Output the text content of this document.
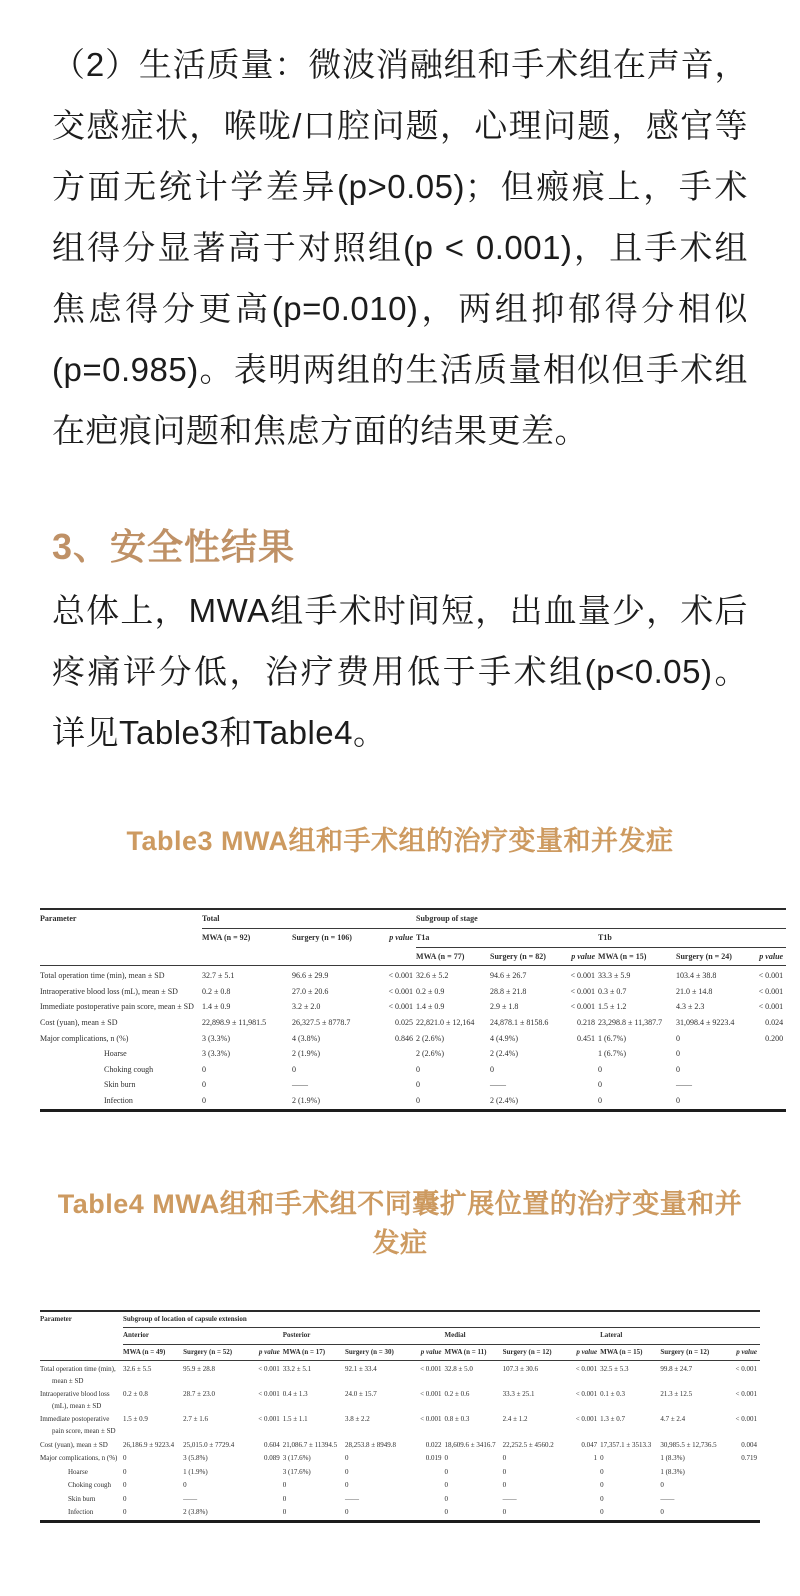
（2）生活质量：微波消融组和手术组在声音，交感症状，喉咙/口腔问题，心理问题，感官等方面无统计学差异(p>0.05)；但瘢痕上，手术组得分显著高于对照组(p < 0.001)，且手术组焦虑得分更高(p=0.010)，两组抑郁得分相似(p=0.985)。表明两组的生活质量相似但手术组在疤痕问题和焦虑方面的结果更差。

3、安全性结果

总体上，MWA组手术时间短，出血量少，术后疼痛评分低，治疗费用低于手术组(p<0.05)。详见Table3和Table4。

Table3 MWA组和手术组的治疗变量和并发症
Parameter	Total			Subgroup of stage					
	MWA (n = 92)	Surgery (n = 106)	p value	T1a			T1b		
				MWA (n = 77)	Surgery (n = 82)	p value	MWA (n = 15)	Surgery (n = 24)	p value
Total operation time (min), mean ± SD	32.7 ± 5.1	96.6 ± 29.9	< 0.001	32.6 ± 5.2	94.6 ± 26.7	< 0.001	33.3 ± 5.9	103.4 ± 38.8	< 0.001
Intraoperative blood loss (mL), mean ± SD	0.2 ± 0.8	27.0 ± 20.6	< 0.001	0.2 ± 0.9	28.8 ± 21.8	< 0.001	0.3 ± 0.7	21.0 ± 14.8	< 0.001
Immediate postoperative pain score, mean ± SD	1.4 ± 0.9	3.2 ± 2.0	< 0.001	1.4 ± 0.9	2.9 ± 1.8	< 0.001	1.5 ± 1.2	4.3 ± 2.3	< 0.001
Cost (yuan), mean ± SD	22,898.9 ± 11,981.5	26,327.5 ± 8778.7	0.025	22,821.0 ± 12,164	24,878.1 ± 8158.6	0.218	23,298.8 ± 11,387.7	31,098.4 ± 9223.4	0.024
Major complications, n (%)	3 (3.3%)	4 (3.8%)	0.846	2 (2.6%)	4 (4.9%)	0.451	1 (6.7%)	0	0.200
Hoarse	3 (3.3%)	2 (1.9%)		2 (2.6%)	2 (2.4%)		1 (6.7%)	0	
Choking cough	0	0		0	0		0	0	
Skin burn	0	——		0	——		0	——	
Infection	0	2 (1.9%)		0	2 (2.4%)		0	0	
Table4 MWA组和手术组不同囊扩展位置的治疗变量和并发症
Parameter	Subgroup of location of capsule extension											
	Anterior			Posterior			Medial			Lateral		
	MWA (n = 49)	Surgery (n = 52)	p value	MWA (n = 17)	Surgery (n = 30)	p value	MWA (n = 11)	Surgery (n = 12)	p value	MWA (n = 15)	Surgery (n = 12)	p value
Total operation time (min), mean ± SD	32.6 ± 5.5	95.9 ± 28.8	< 0.001	33.2 ± 5.1	92.1 ± 33.4	< 0.001	32.8 ± 5.0	107.3 ± 30.6	< 0.001	32.5 ± 5.3	99.8 ± 24.7	< 0.001
Intraoperative blood loss (mL), mean ± SD	0.2 ± 0.8	28.7 ± 23.0	< 0.001	0.4 ± 1.3	24.0 ± 15.7	< 0.001	0.2 ± 0.6	33.3 ± 25.1	< 0.001	0.1 ± 0.3	21.3 ± 12.5	< 0.001
Immediate postoperative pain score, mean ± SD	1.5 ± 0.9	2.7 ± 1.6	< 0.001	1.5 ± 1.1	3.8 ± 2.2	< 0.001	0.8 ± 0.3	2.4 ± 1.2	< 0.001	1.3 ± 0.7	4.7 ± 2.4	< 0.001
Cost (yuan), mean ± SD	26,186.9 ± 9223.4	25,015.0 ± 7729.4	0.604	21,086.7 ± 11394.5	28,253.8 ± 8949.8	0.022	18,609.6 ± 3416.7	22,252.5 ± 4560.2	0.047	17,357.1 ± 3513.3	30,985.5 ± 12,736.5	0.004
Major complications, n (%)	0	3 (5.8%)	0.089	3 (17.6%)	0	0.019	0	0	1	0	1 (8.3%)	0.719
Hoarse	0	1 (1.9%)		3 (17.6%)	0		0	0		0	1 (8.3%)	
Choking cough	0	0		0	0		0	0		0	0	
Skin burn	0	——		0	——		0	——		0	——	
Infection	0	2 (3.8%)		0	0		0	0		0	0	
